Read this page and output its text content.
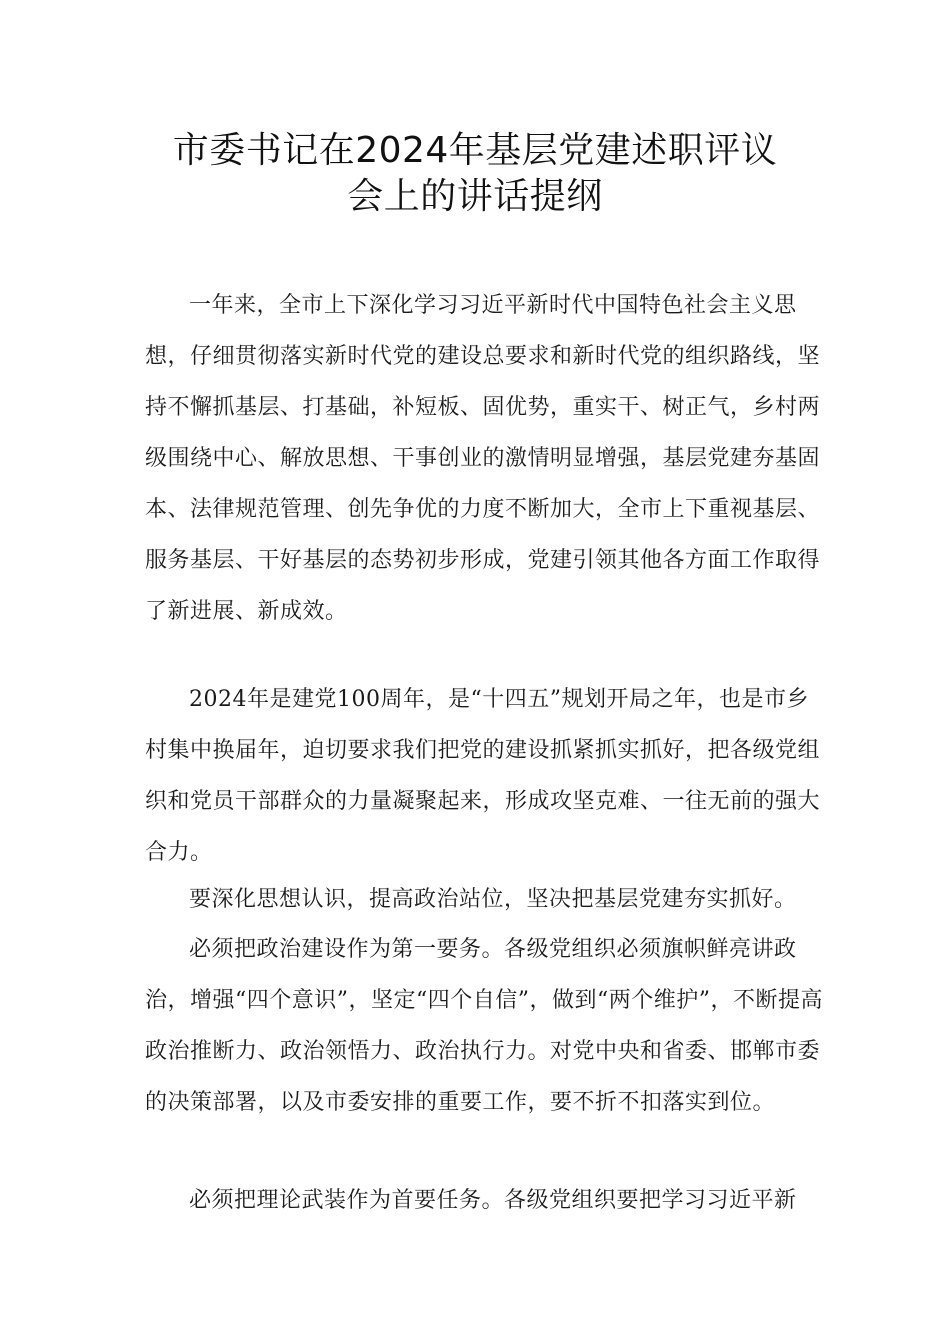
市委书记在2024年基层党建述职评议
会上的讲话提纲

一年来，全市上下深化学习习近平新时代中国特色社会主义思想，仔细贯彻落实新时代党的建设总要求和新时代党的组织路线，坚持不懈抓基层、打基础，补短板、固优势，重实干、树正气，乡村两级围绕中心、解放思想、干事创业的激情明显增强，基层党建夯基固本、法律规范管理、创先争优的力度不断加大，全市上下重视基层、服务基层、干好基层的态势初步形成，党建引领其他各方面工作取得了新进展、新成效。

2024年是建党100周年，是“十四五”规划开局之年，也是市乡村集中换届年，迫切要求我们把党的建设抓紧抓实抓好，把各级党组织和党员干部群众的力量凝聚起来，形成攻坚克难、一往无前的强大合力。

要深化思想认识，提高政治站位，坚决把基层党建夯实抓好。

必须把政治建设作为第一要务。各级党组织必须旗帜鲜亮讲政治，增强“四个意识”，坚定“四个自信”，做到“两个维护”，不断提高政治推断力、政治领悟力、政治执行力。对党中央和省委、邯郸市委的决策部署，以及市委安排的重要工作，要不折不扣落实到位。

必须把理论武装作为首要任务。各级党组织要把学习习近平新
